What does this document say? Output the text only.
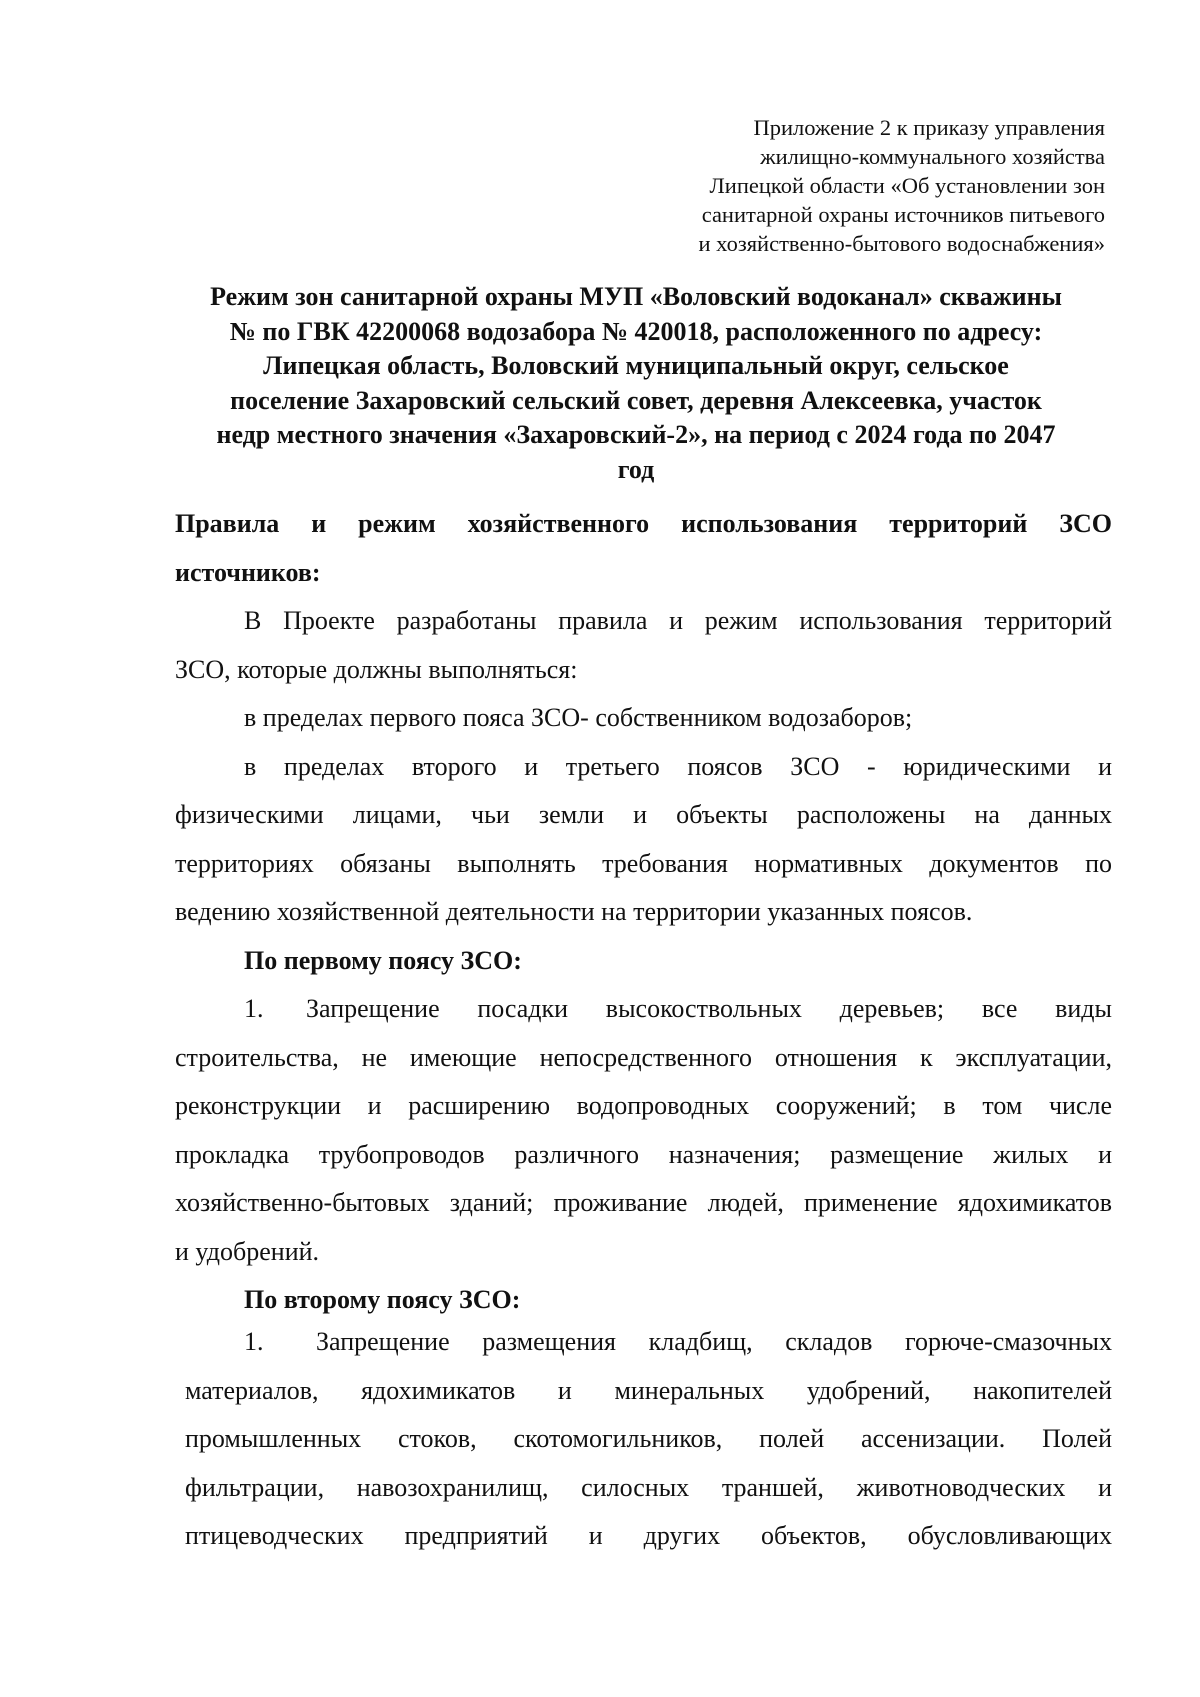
Приложение 2 к приказу управления
жилищно-коммунального хозяйства
Липецкой области «Об установлении зон
санитарной охраны источников питьевого
и хозяйственно-бытового водоснабжения»
Режим зон санитарной охраны МУП «Воловский водоканал» скважины
№ по ГВК 42200068 водозабора № 420018, расположенного по адресу:
Липецкая область, Воловский муниципальный округ, сельское
поселение Захаровский сельский совет, деревня Алексеевка, участок
недр местного значения «Захаровский-2», на период с 2024 года по 2047
год
Правила и режим хозяйственного использования территорий ЗСО
источников:
В Проекте разработаны правила и режим использования территорий
ЗСО, которые должны выполняться:
в пределах первого пояса ЗСО- собственником водозаборов;
в пределах второго и третьего поясов ЗСО - юридическими и
физическими лицами, чьи земли и объекты расположены на данных
территориях обязаны выполнять требования нормативных документов по
ведению хозяйственной деятельности на территории указанных поясов.
По первому поясу ЗСО:
1. Запрещение посадки высокоствольных деревьев; все виды
строительства, не имеющие непосредственного отношения к эксплуатации,
реконструкции и расширению водопроводных сооружений; в том числе
прокладка трубопроводов различного назначения; размещение жилых и
хозяйственно-бытовых зданий; проживание людей, применение ядохимикатов
и удобрений.
По второму поясу ЗСО:
1. Запрещение размещения кладбищ, складов горюче-смазочных
материалов, ядохимикатов и минеральных удобрений, накопителей
промышленных стоков, скотомогильников, полей ассенизации. Полей
фильтрации, навозохранилищ, силосных траншей, животноводческих и
птицеводческих предприятий и других объектов, обусловливающих
